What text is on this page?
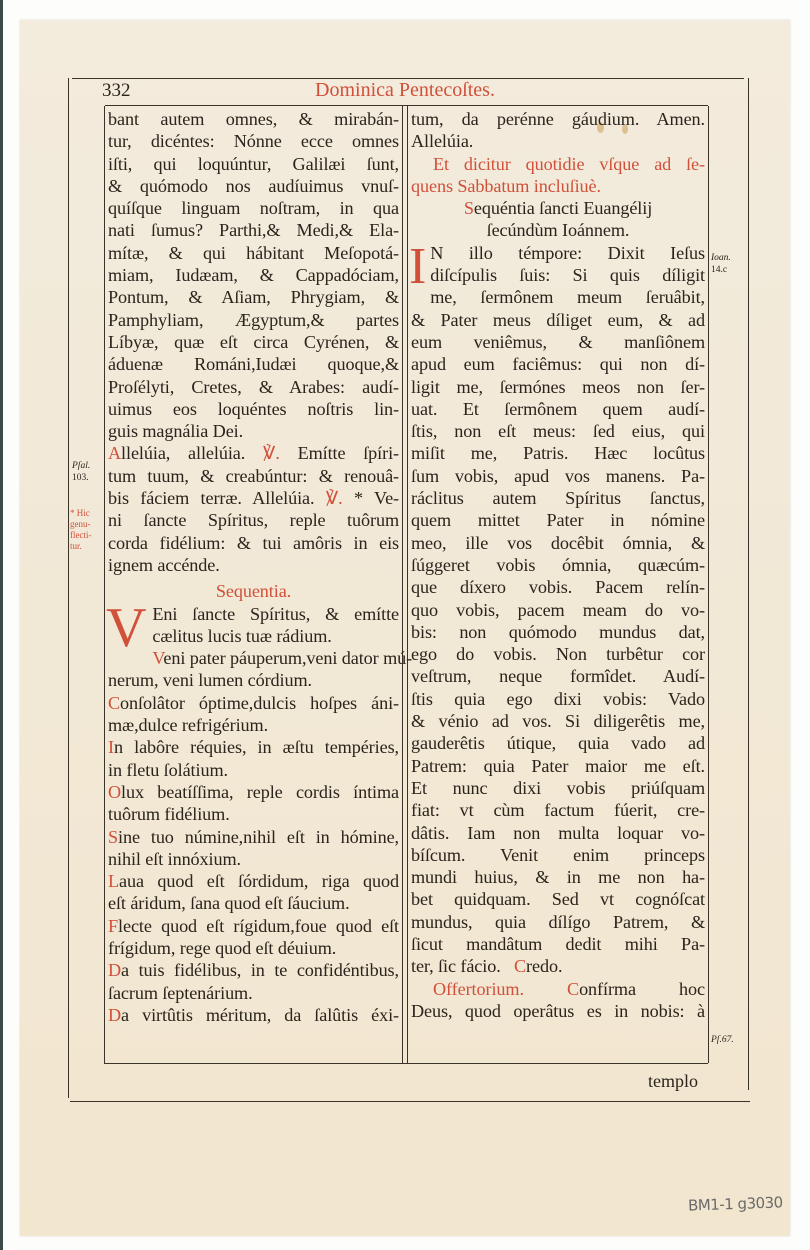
332	Dominica Pentecoſtes.
bant autem omnes, & mirabán-
tur, dicéntes: Nónne ecce omnes
iſti, qui loquúntur, Galilæi ſunt,
& quómodo nos audíuimus vnuſ-
quíſque linguam noſtram, in qua
nati ſumus? Parthi,& Medi,& Ela-
mítæ, & qui hábitant Meſopotá-
miam, Iudæam, & Cappadóciam,
Pontum, & Aſiam, Phrygiam, &
Pamphyliam, Ægyptum,& partes
Líbyæ, quæ eſt circa Cyrénen, &
áduenæ Románi,Iudæi quoque,&
Proſélyti, Cretes, & Arabes: audí-
uimus eos loquéntes noſtris lin-
guis magnália Dei.
Allelúia, allelúia. ℣. Emítte ſpíri-
tum tuum, & creabúntur: & renouâ-
bis fáciem terræ. Allelúia. ℣. * Ve-
ni ſancte Spíritus, reple tuôrum
corda fidélium: & tui amôris in eis
ignem accénde.
Sequentia.
V Eni ſancte Spíritus, & emítte
cælitus lucis tuæ rádium.
Veni pater páuperum,veni dator mú-
nerum, veni lumen córdium.
Conſolâtor óptime,dulcis hoſpes áni-
mæ,dulce refrigérium.
In labôre réquies, in æſtu tempéries,
in fletu ſolátium.
Olux beatíſſima, reple cordis íntima
tuôrum fidélium.
Sine tuo númine,nihil eſt in hómine,
nihil eſt innóxium.
Laua quod eſt ſórdidum, riga quod
eſt áridum, ſana quod eſt ſáucium.
Flecte quod eſt rígidum,foue quod eſt
frígidum, rege quod eſt déuium.
Da tuis fidélibus, in te confidéntibus,
ſacrum ſeptenárium.
Da virtûtis méritum, da ſalûtis éxi-
Pſal.
103.
* Hic
genu-
flecti-
tur.
tum, da perénne gáudium. Amen.
Allelúia.
Et dicitur quotidie vſque ad ſe-
quens Sabbatum incluſiuè.
Sequéntia ſancti Euangélij
ſecúndùm Ioánnem.
I N illo témpore: Dixit Ieſus
diſcípulis ſuis: Si quis díligit
me, ſermônem meum ſeruâbit,
& Pater meus díliget eum, & ad
eum veniêmus, & manſiônem
apud eum faciêmus: qui non dí-
ligit me, ſermónes meos non ſer-
uat. Et ſermônem quem audí-
ſtis, non eſt meus: ſed eius, qui
miſit me, Patris. Hæc locûtus
ſum vobis, apud vos manens. Pa-
ráclitus autem Spíritus ſanctus,
quem mittet Pater in nómine
meo, ille vos docêbit ómnia, &
ſúggeret vobis ómnia, quæcúm-
que díxero vobis. Pacem relín-
quo vobis, pacem meam do vo-
bis: non quómodo mundus dat,
ego do vobis. Non turbêtur cor
veſtrum, neque formîdet. Audí-
ſtis quia ego dixi vobis: Vado
& vénio ad vos. Si diligerêtis me,
gauderêtis útique, quia vado ad
Patrem: quia Pater maior me eſt.
Et nunc dixi vobis priúſquam
fiat: vt cùm factum fúerit, cre-
dâtis. Iam non multa loquar vo-
bíſcum. Venit enim princeps
mundi huius, & in me non ha-
bet quidquam. Sed vt cognóſcat
mundus, quia dílígo Patrem, &
ſicut mandâtum dedit mihi Pa-
ter, ſic fácio. Credo.
Offertorium. Confírma hoc
Deus, quod operâtus es in nobis: à
Ioan.
14.c
Pſ.67.
templo
BM1-1 g3030
